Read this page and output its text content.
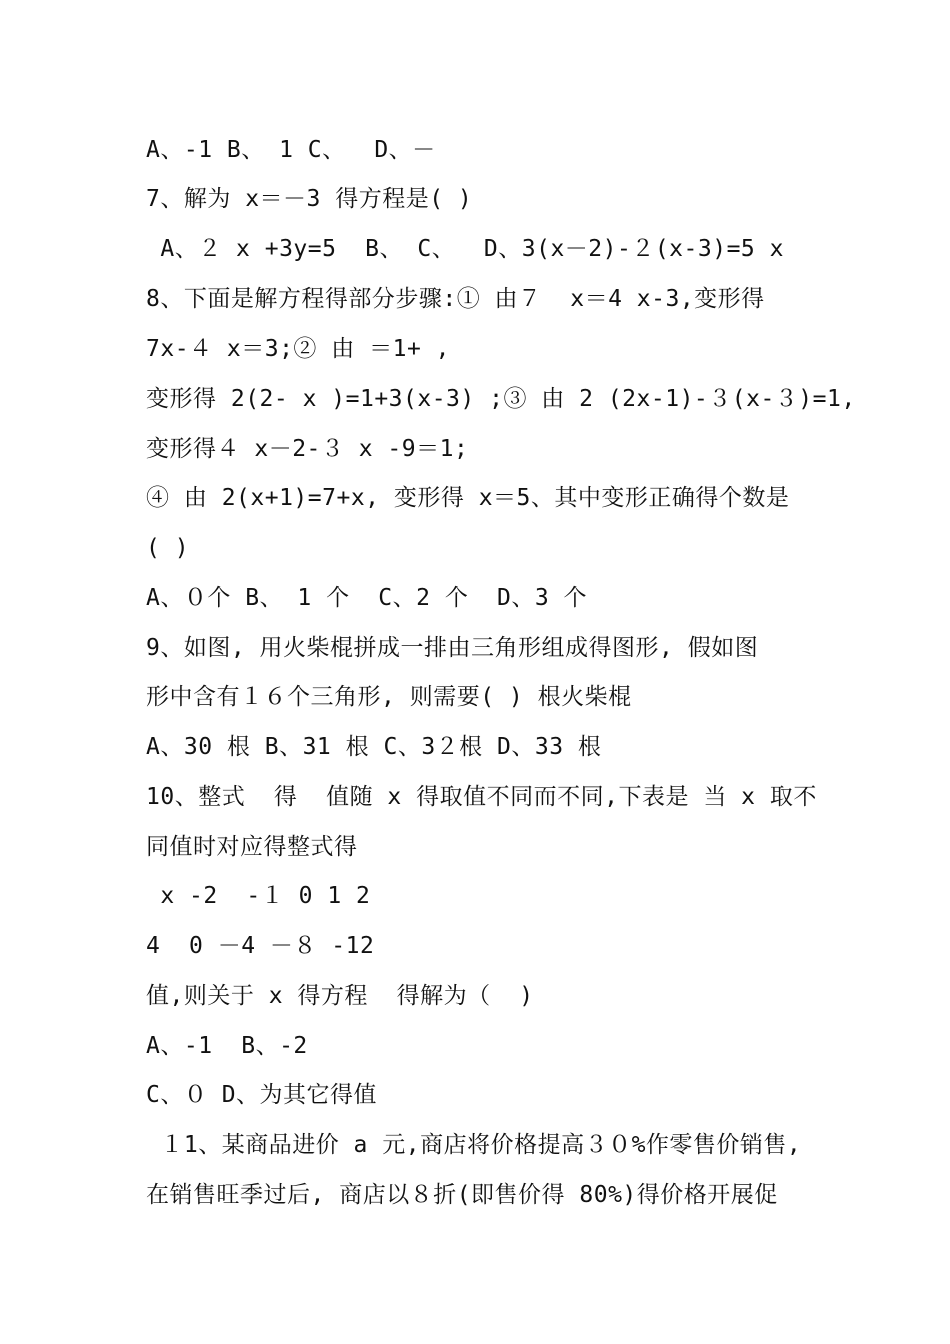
A、-1 B、 1 C、  D、－
7、解为 x＝－3 得方程是( )
A、２ x +3y=5  B、 C、  D、3(x－2)-２(x-3)=5 x
8、下面是解方程得部分步骤:① 由７  x＝4 x-3,变形得
7x-４ x＝3;② 由 ＝1+ ,
变形得 2(2- x )=1+3(x-3) ;③ 由 2 (2x-1)-３(x-３)=1,
变形得４ x－2-３ x -9＝1;
④ 由 2(x+1)=7+x, 变形得 x＝5、其中变形正确得个数是
( )
A、０个 B、 1 个  C、2 个  D、3 个
9、如图, 用火柴棍拼成一排由三角形组成得图形, 假如图
形中含有１６个三角形, 则需要( ) 根火柴棍
A、30 根 B、31 根 C、3２根 D、33 根
10、整式  得  值随 x 得取值不同而不同,下表是 当 x 取不
同值时对应得整式得
x -2  -１ 0 1 2
4  0 －4 －８ -12
值,则关于 x 得方程  得解为（  )
A、-1  B、-2
C、０ D、为其它得值
１1、某商品进价 a 元,商店将价格提高３０%作零售价销售,
在销售旺季过后, 商店以８折(即售价得 80%)得价格开展促
